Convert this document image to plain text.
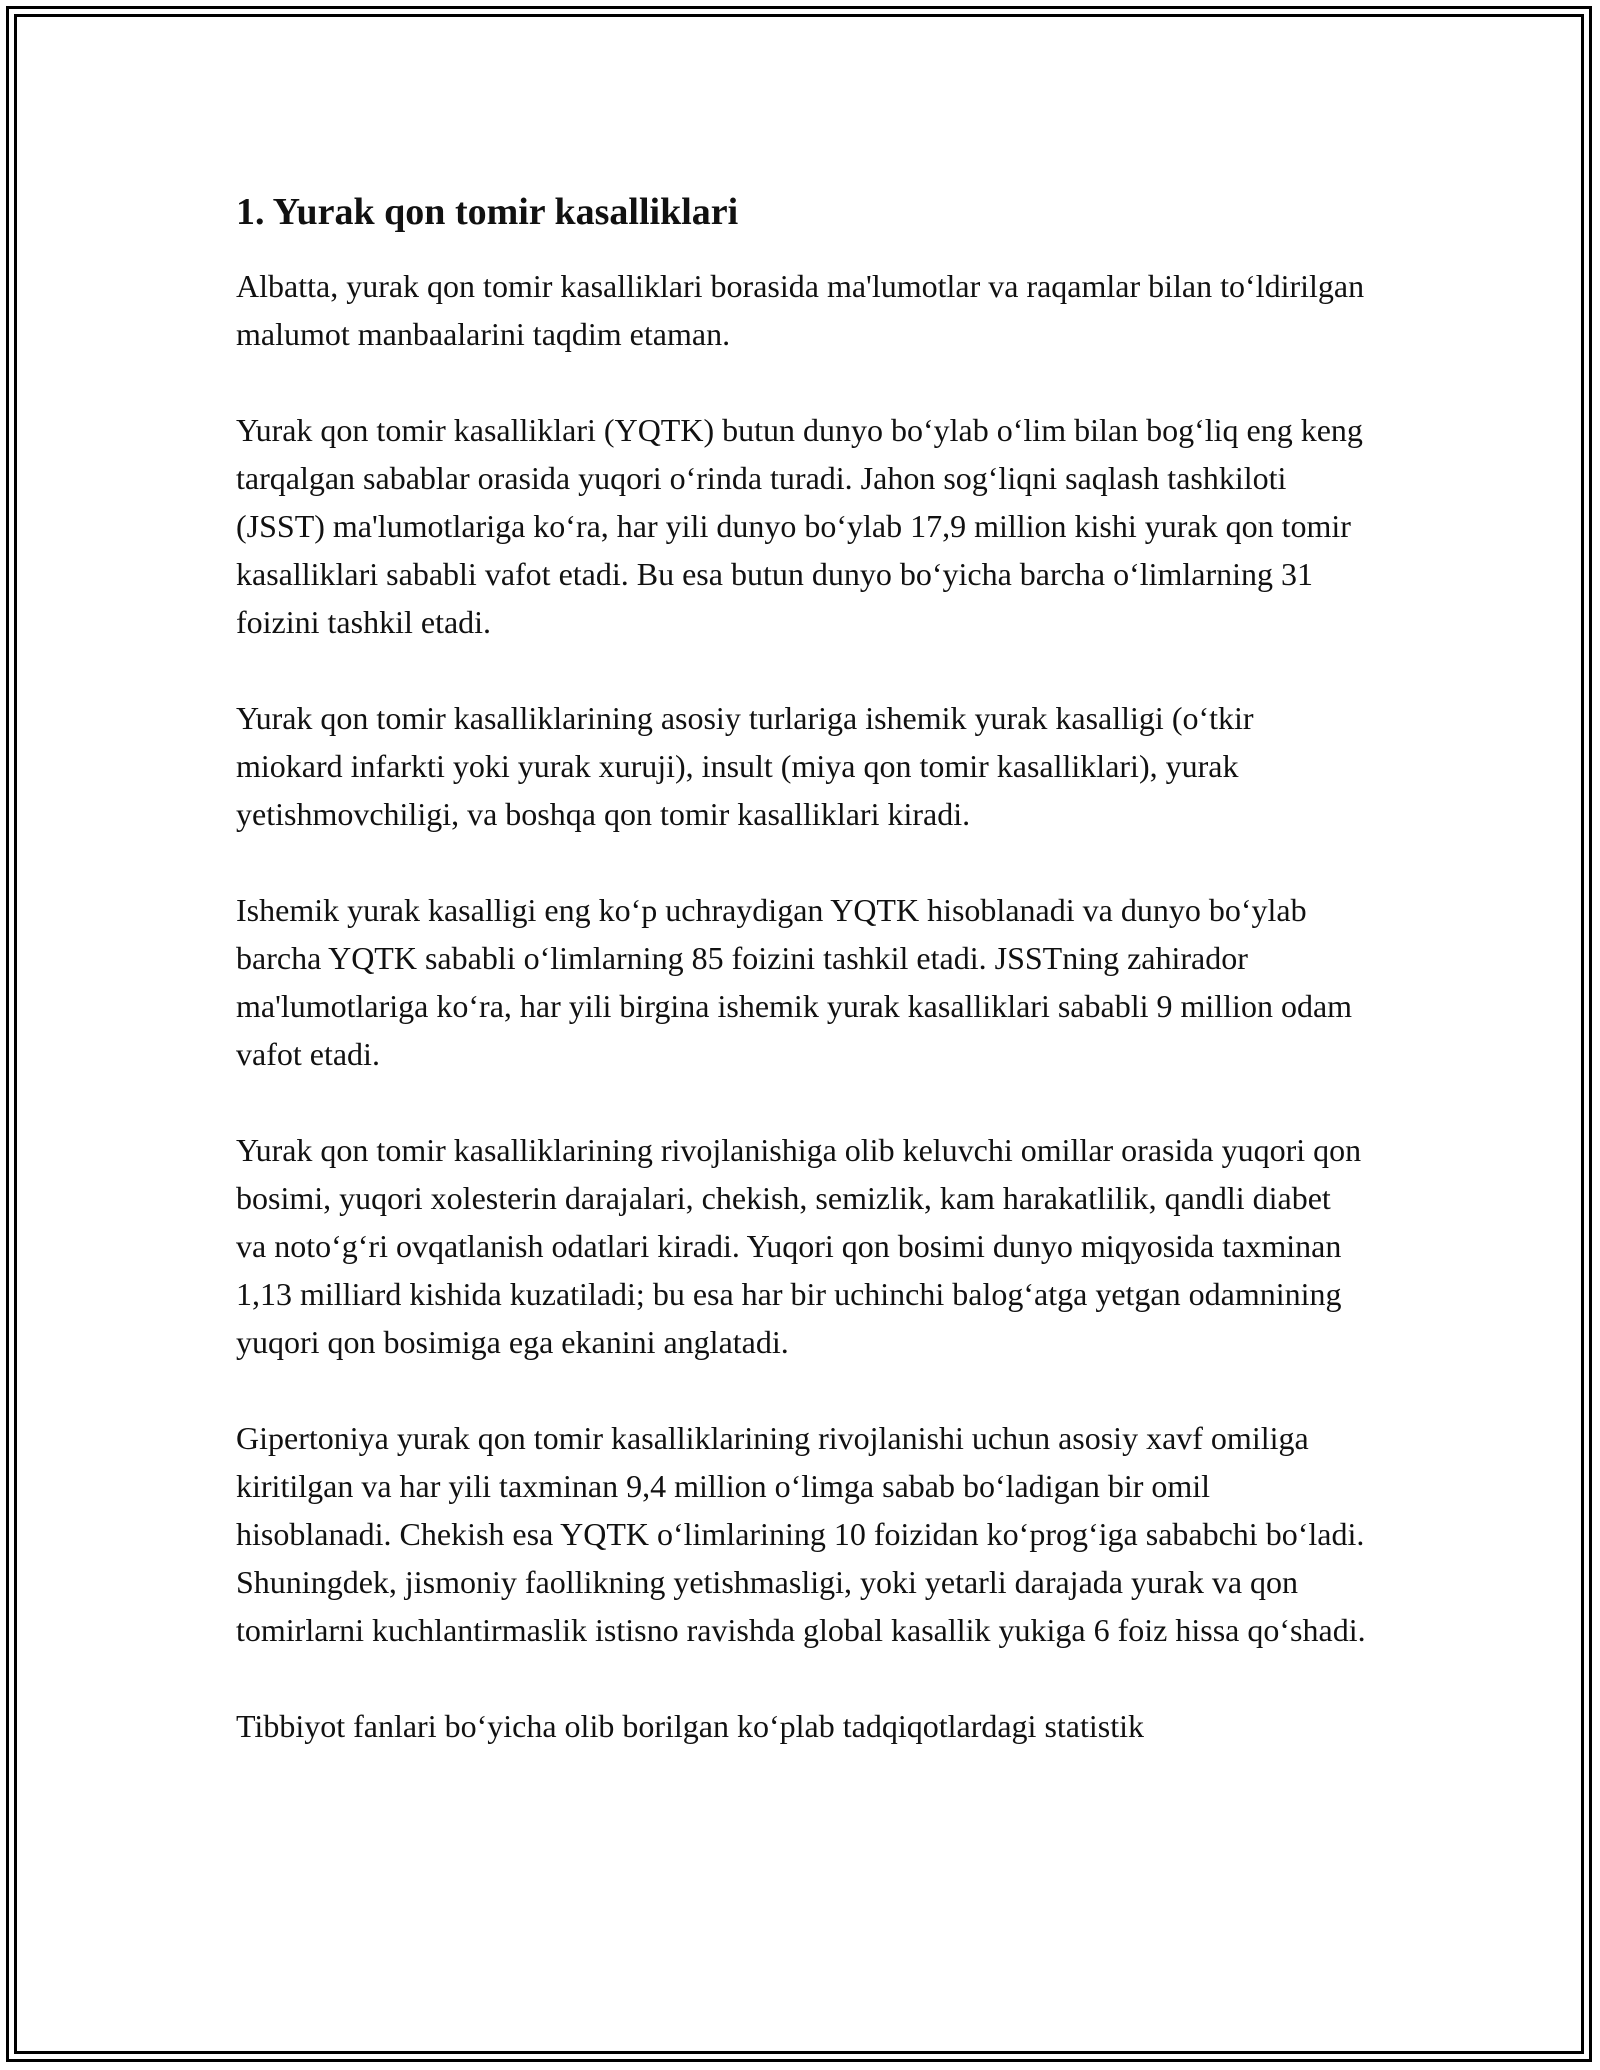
1. Yurak qon tomir kasalliklari

Albatta, yurak qon tomir kasalliklari borasida ma'lumotlar va raqamlar bilan to‘ldirilgan malumot manbaalarini taqdim etaman.

Yurak qon tomir kasalliklari (YQTK) butun dunyo bo‘ylab o‘lim bilan bog‘liq eng keng tarqalgan sabablar orasida yuqori o‘rinda turadi. Jahon sog‘liqni saqlash tashkiloti (JSST) ma'lumotlariga ko‘ra, har yili dunyo bo‘ylab 17,9 million kishi yurak qon tomir kasalliklari sababli vafot etadi. Bu esa butun dunyo bo‘yicha barcha o‘limlarning 31 foizini tashkil etadi.

Yurak qon tomir kasalliklarining asosiy turlariga ishemik yurak kasalligi (o‘tkir miokard infarkti yoki yurak xuruji), insult (miya qon tomir kasalliklari), yurak yetishmovchiligi, va boshqa qon tomir kasalliklari kiradi.

Ishemik yurak kasalligi eng ko‘p uchraydigan YQTK hisoblanadi va dunyo bo‘ylab barcha YQTK sababli o‘limlarning 85 foizini tashkil etadi. JSSTning zahirador ma'lumotlariga ko‘ra, har yili birgina ishemik yurak kasalliklari sababli 9 million odam vafot etadi.

Yurak qon tomir kasalliklarining rivojlanishiga olib keluvchi omillar orasida yuqori qon bosimi, yuqori xolesterin darajalari, chekish, semizlik, kam harakatlilik, qandli diabet va noto‘g‘ri ovqatlanish odatlari kiradi. Yuqori qon bosimi dunyo miqyosida taxminan 1,13 milliard kishida kuzatiladi; bu esa har bir uchinchi balog‘atga yetgan odamnining yuqori qon bosimiga ega ekanini anglatadi.

Gipertoniya yurak qon tomir kasalliklarining rivojlanishi uchun asosiy xavf omiliga kiritilgan va har yili taxminan 9,4 million o‘limga sabab bo‘ladigan bir omil hisoblanadi. Chekish esa YQTK o‘limlarining 10 foizidan ko‘prog‘iga sababchi bo‘ladi. Shuningdek, jismoniy faollikning yetishmasligi, yoki yetarli darajada yurak va qon tomirlarni kuchlantirmaslik istisno ravishda global kasallik yukiga 6 foiz hissa qo‘shadi.

Tibbiyot fanlari bo‘yicha olib borilgan ko‘plab tadqiqotlardagi statistik
